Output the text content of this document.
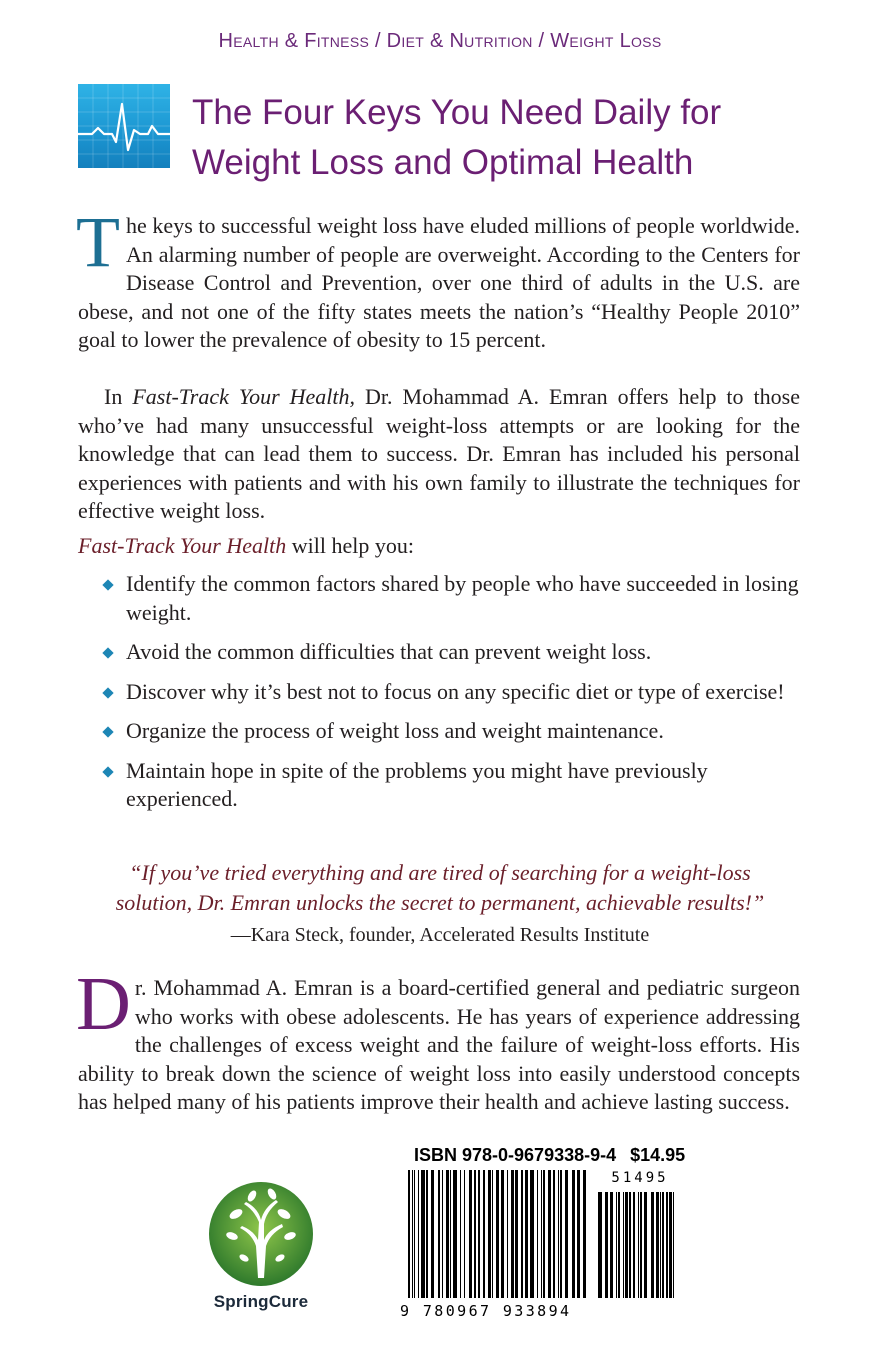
Health & Fitness / Diet & Nutrition / Weight Loss
The Four Keys You Need Daily for
Weight Loss and Optimal Health
The keys to successful weight loss have eluded millions of people worldwide. An alarming number of people are overweight. According to the Centers for Disease Control and Prevention, over one third of adults in the U.S. are obese, and not one of the fifty states meets the nation’s “Healthy People 2010” goal to lower the prevalence of obesity to 15 percent.
In Fast-Track Your Health, Dr. Mohammad A. Emran offers help to those who’ve had many unsuccessful weight-loss attempts or are looking for the knowledge that can lead them to success. Dr. Emran has included his personal experiences with patients and with his own family to illustrate the techniques for effective weight loss.
Fast-Track Your Health will help you:
Identify the common factors shared by people who have succeeded in losing weight.
Avoid the common difficulties that can prevent weight loss.
Discover why it’s best not to focus on any specific diet or type of exercise!
Organize the process of weight loss and weight maintenance.
Maintain hope in spite of the problems you might have previously experienced.
“If you’ve tried everything and are tired of searching for a weight-loss
solution, Dr. Emran unlocks the secret to permanent, achievable results!”
—Kara Steck, founder, Accelerated Results Institute
Dr. Mohammad A. Emran is a board-certified general and pediatric surgeon who works with obese adolescents. He has years of experience addressing the challenges of excess weight and the failure of weight-loss efforts. His ability to break down the science of weight loss into easily understood concepts has helped many of his patients improve their health and achieve lasting success.
SpringCure
ISBN 978-0-9679338-9-4 $14.95
51495
9 780967 933894
